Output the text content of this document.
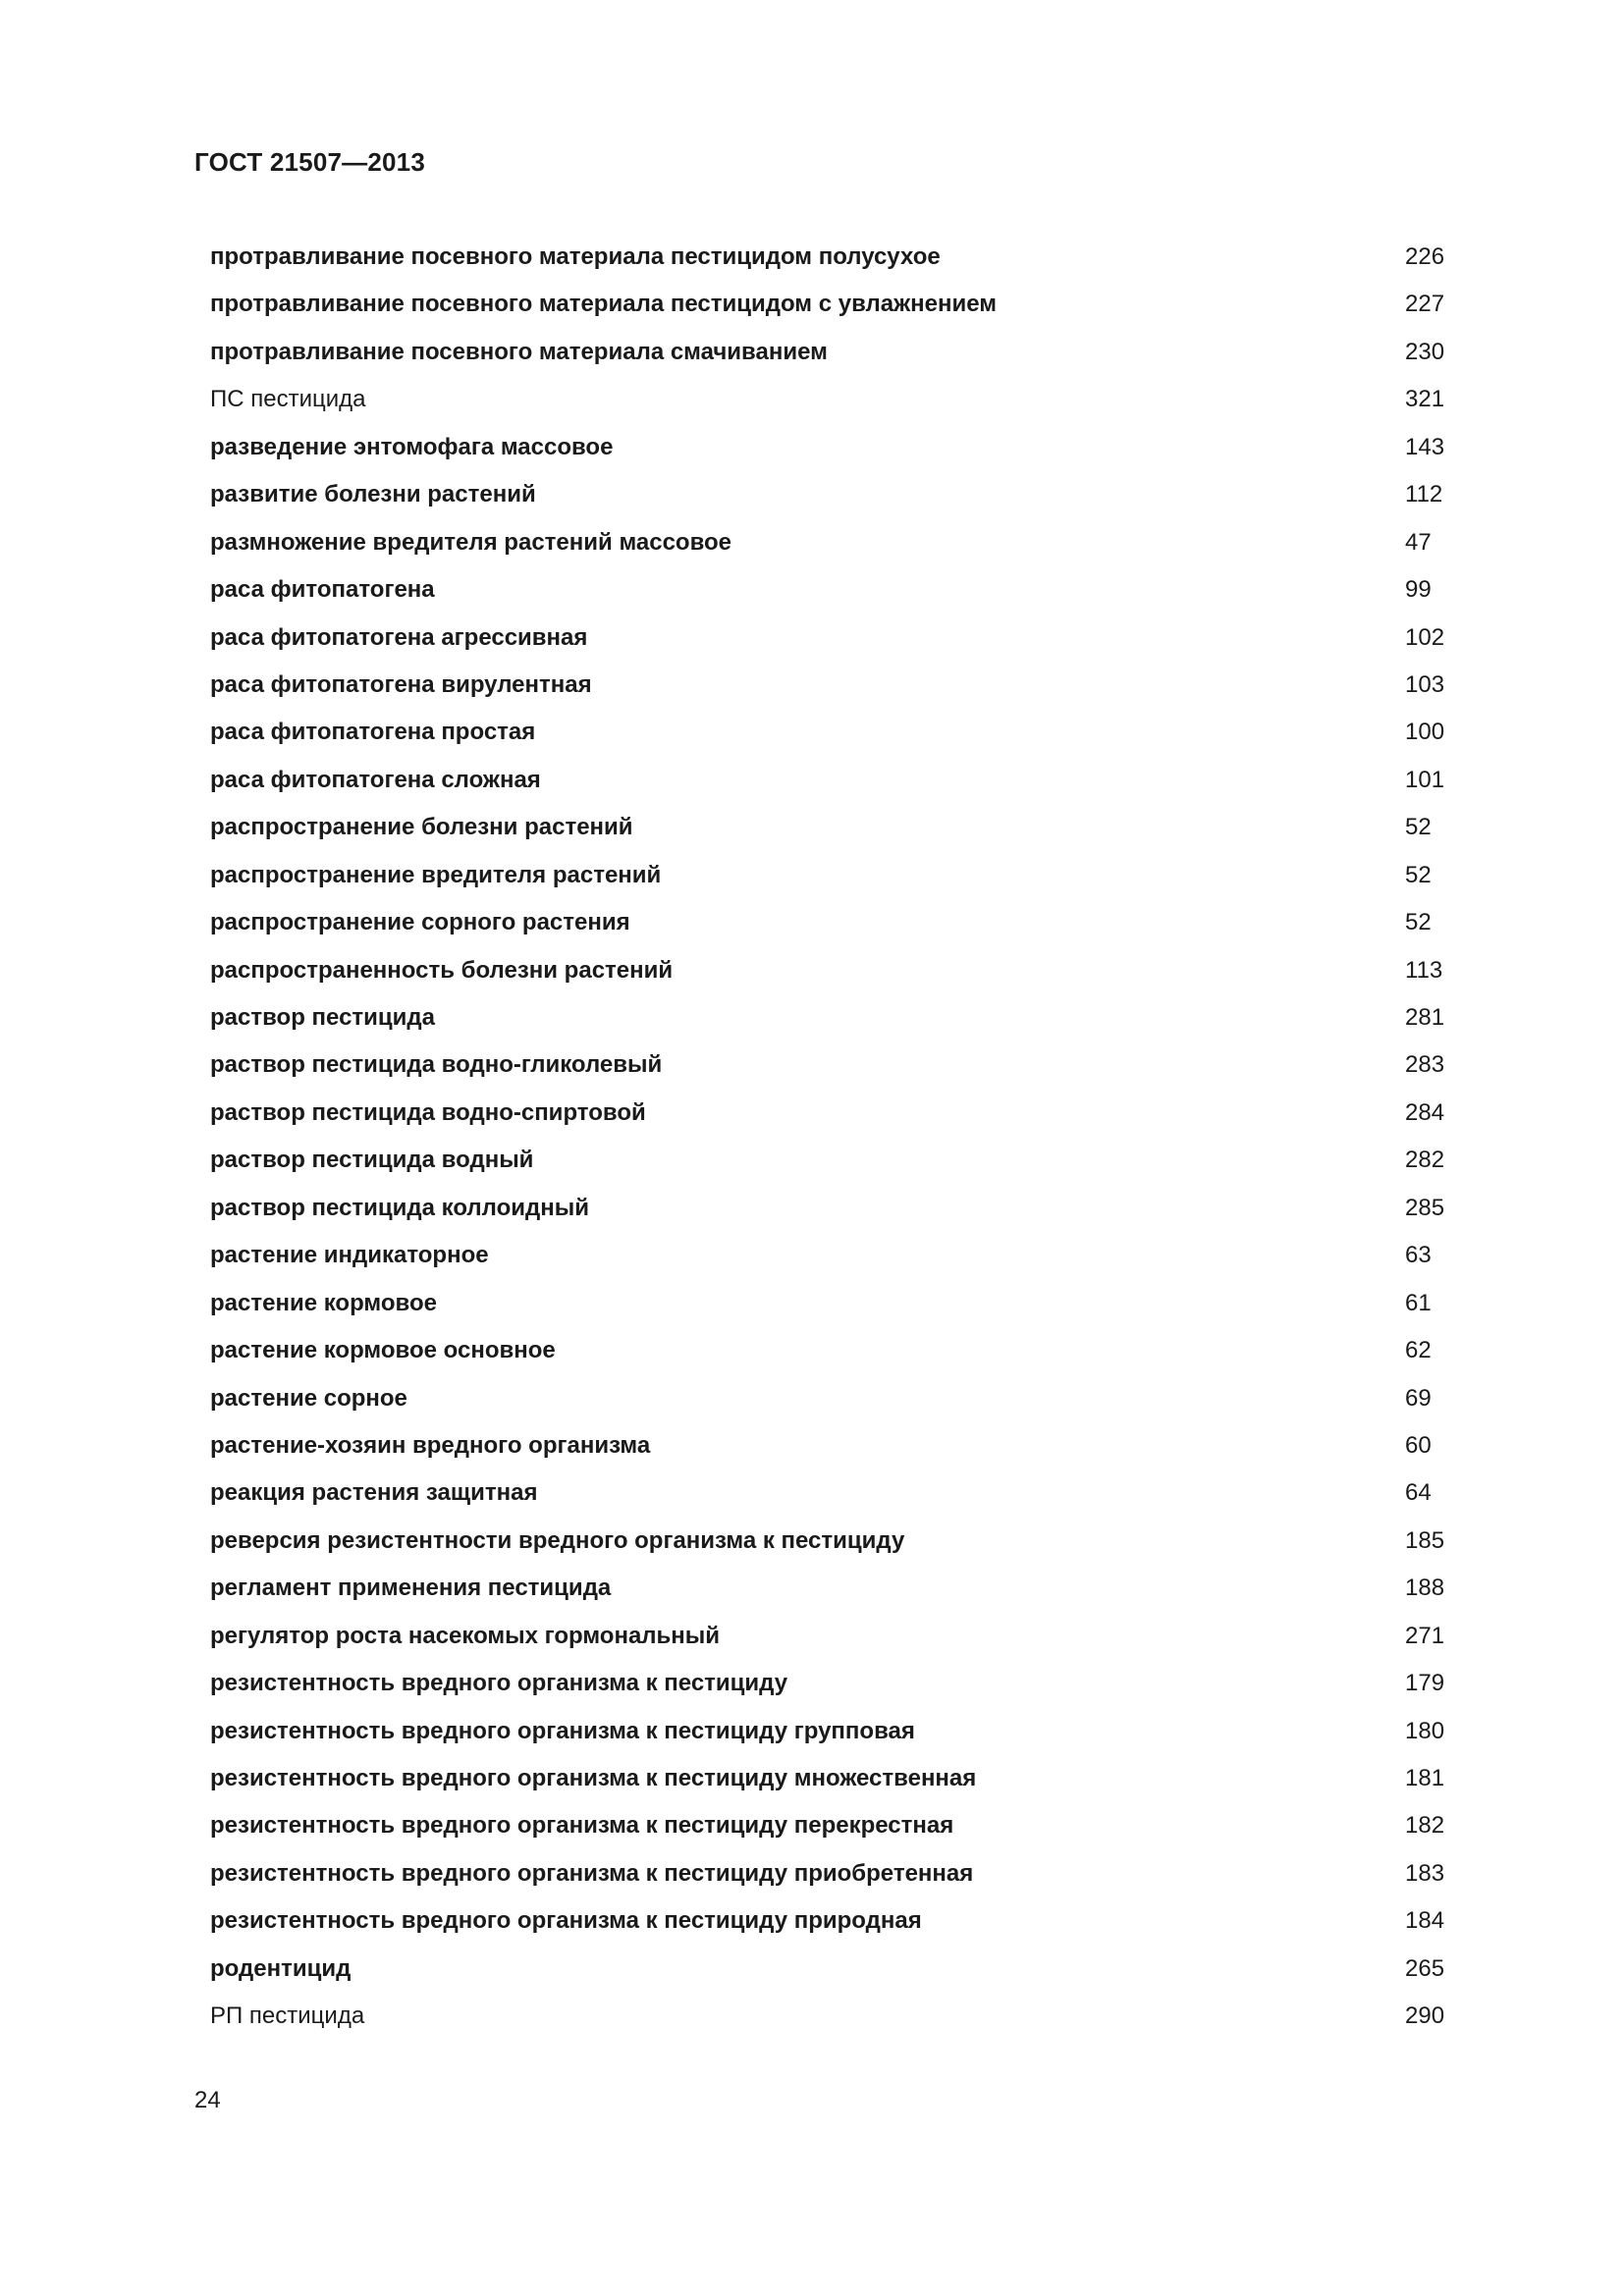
ГОСТ 21507—2013
протравливание посевного материала пестицидом полусухое	226
протравливание посевного материала пестицидом с увлажнением	227
протравливание посевного материала смачиванием	230
ПС пестицида	321
разведение энтомофага массовое	143
развитие болезни растений	112
размножение вредителя растений массовое	47
раса фитопатогена	99
раса фитопатогена агрессивная	102
раса фитопатогена вирулентная	103
раса фитопатогена простая	100
раса фитопатогена сложная	101
распространение болезни растений	52
распространение вредителя растений	52
распространение сорного растения	52
распространенность болезни растений	113
раствор пестицида	281
раствор пестицида водно-гликолевый	283
раствор пестицида водно-спиртовой	284
раствор пестицида водный	282
раствор пестицида коллоидный	285
растение индикаторное	63
растение кормовое	61
растение кормовое основное	62
растение сорное	69
растение-хозяин вредного организма	60
реакция растения защитная	64
реверсия резистентности вредного организма к пестициду	185
регламент применения пестицида	188
регулятор роста насекомых гормональный	271
резистентность вредного организма к пестициду	179
резистентность вредного организма к пестициду групповая	180
резистентность вредного организма к пестициду множественная	181
резистентность вредного организма к пестициду перекрестная	182
резистентность вредного организма к пестициду приобретенная	183
резистентность вредного организма к пестициду природная	184
родентицид	265
РП пестицида	290
24
